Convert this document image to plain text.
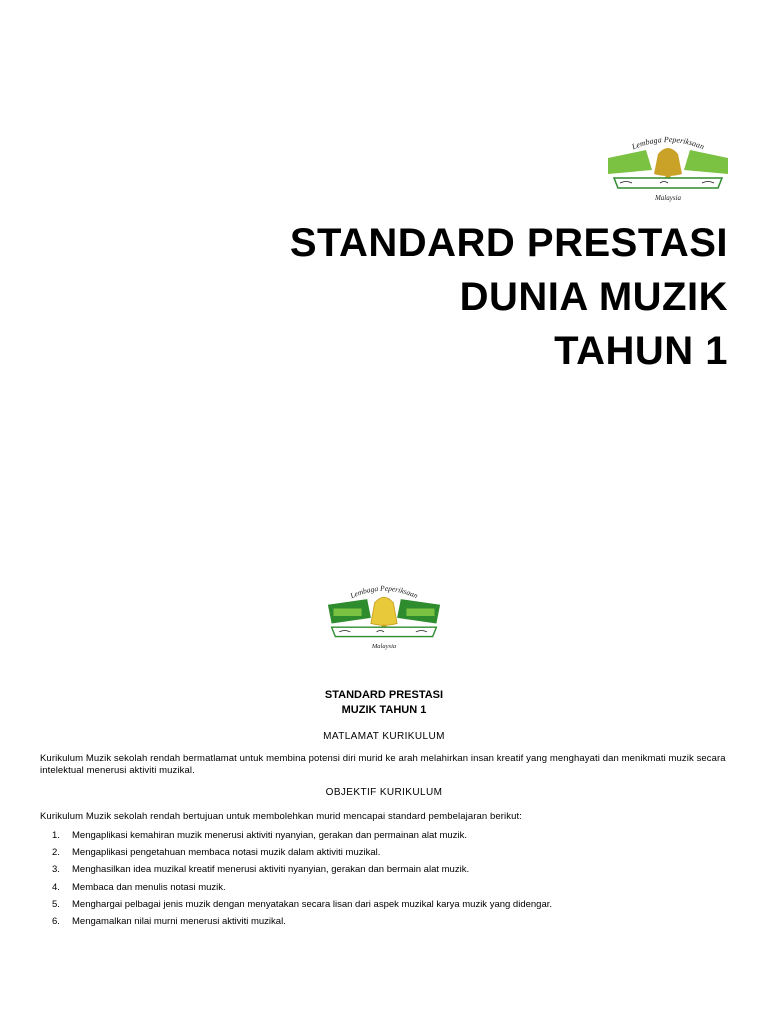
Lembaga Peperiksaan
Malaysia
STANDARD PRESTASI
DUNIA MUZIK
TAHUN 1
Lembaga Peperiksaan
Malaysia
STANDARD PRESTASI
MUZIK TAHUN 1
MATLAMAT KURIKULUM
Kurikulum Muzik sekolah rendah bermatlamat untuk membina potensi diri murid ke arah melahirkan insan kreatif yang menghayati dan menikmati muzik secara intelektual menerusi aktiviti muzikal.
OBJEKTIF KURIKULUM
Kurikulum Muzik sekolah rendah bertujuan untuk membolehkan murid mencapai standard pembelajaran berikut:
1.	Mengaplikasi kemahiran muzik menerusi aktiviti nyanyian, gerakan dan permainan alat muzik.
2.	Mengaplikasi pengetahuan membaca notasi muzik dalam aktiviti muzikal.
3.	Menghasilkan idea muzikal kreatif menerusi aktiviti nyanyian, gerakan dan bermain alat muzik.
4.	Membaca dan menulis notasi muzik.
5.	Menghargai pelbagai jenis muzik dengan menyatakan secara lisan dari aspek muzikal karya muzik yang didengar.
6.	Mengamalkan nilai murni menerusi aktiviti muzikal.
